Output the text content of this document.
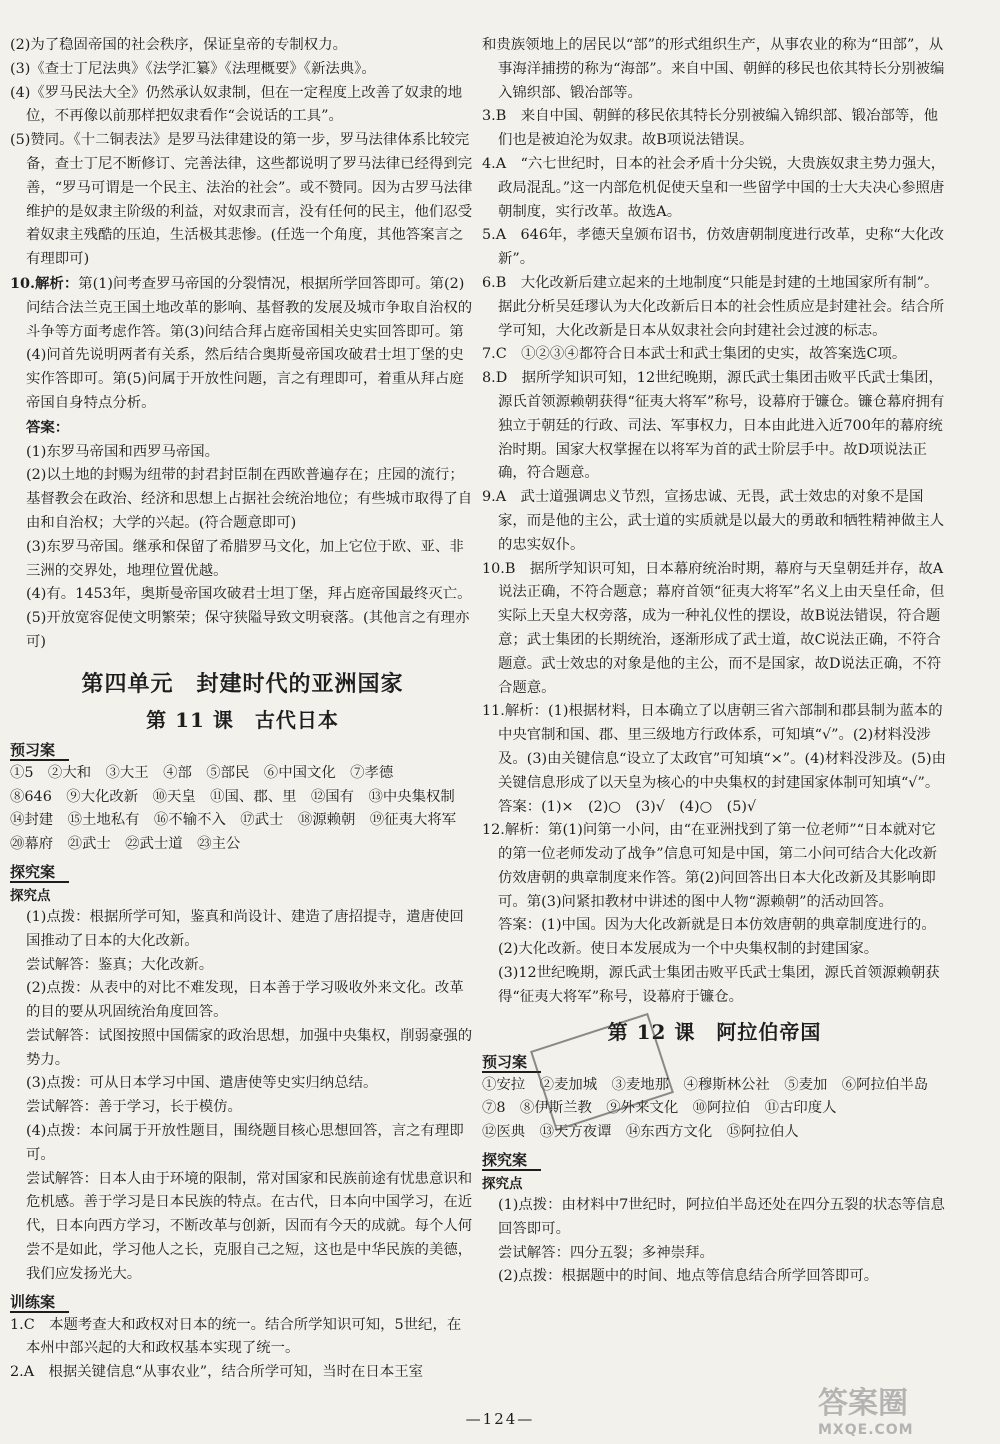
(2)为了稳固帝国的社会秩序，保证皇帝的专制权力。

(3)《查士丁尼法典》《法学汇纂》《法理概要》《新法典》。

(4)《罗马民法大全》仍然承认奴隶制，但在一定程度上改善了奴隶的地位，不再像以前那样把奴隶看作“会说话的工具”。

(5)赞同。《十二铜表法》是罗马法律建设的第一步，罗马法律体系比较完备，查士丁尼不断修订、完善法律，这些都说明了罗马法律已经得到完善，“罗马可谓是一个民主、法治的社会”。或不赞同。因为古罗马法律维护的是奴隶主阶级的利益，对奴隶而言，没有任何的民主，他们忍受着奴隶主残酷的压迫，生活极其悲惨。(任选一个角度，其他答案言之有理即可)

10.解析：第(1)问考查罗马帝国的分裂情况，根据所学回答即可。第(2)问结合法兰克王国土地改革的影响、基督教的发展及城市争取自治权的斗争等方面考虑作答。第(3)问结合拜占庭帝国相关史实回答即可。第(4)问首先说明两者有关系，然后结合奥斯曼帝国攻破君士坦丁堡的史实作答即可。第(5)问属于开放性问题，言之有理即可，着重从拜占庭帝国自身特点分析。

答案：

(1)东罗马帝国和西罗马帝国。

(2)以土地的封赐为纽带的封君封臣制在西欧普遍存在；庄园的流行；基督教会在政治、经济和思想上占据社会统治地位；有些城市取得了自由和自治权；大学的兴起。(符合题意即可)

(3)东罗马帝国。继承和保留了希腊罗马文化，加上它位于欧、亚、非三洲的交界处，地理位置优越。

(4)有。1453年，奥斯曼帝国攻破君士坦丁堡，拜占庭帝国最终灭亡。

(5)开放宽容促使文明繁荣；保守狭隘导致文明衰落。(其他言之有理亦可)

第四单元　封建时代的亚洲国家
第 11 课　古代日本
预习案

①5　②大和　③大王　④部　⑤部民　⑥中国文化　⑦孝德

⑧646　⑨大化改新　⑩天皇　⑪国、郡、里　⑫国有　⑬中央集权制

⑭封建　⑮土地私有　⑯不输不入　⑰武士　⑱源赖朝　⑲征夷大将军　⑳幕府　㉑武士　㉒武士道　㉓主公

探究案
探究点

(1)点拨：根据所学可知，鉴真和尚设计、建造了唐招提寺，遣唐使回国推动了日本的大化改新。

尝试解答：鉴真；大化改新。

(2)点拨：从表中的对比不难发现，日本善于学习吸收外来文化。改革的目的要从巩固统治角度回答。

尝试解答：试图按照中国儒家的政治思想，加强中央集权，削弱豪强的势力。

(3)点拨：可从日本学习中国、遣唐使等史实归纳总结。

尝试解答：善于学习，长于模仿。

(4)点拨：本问属于开放性题目，围绕题目核心思想回答，言之有理即可。

尝试解答：日本人由于环境的限制，常对国家和民族前途有忧患意识和危机感。善于学习是日本民族的特点。在古代，日本向中国学习，在近代，日本向西方学习，不断改革与创新，因而有今天的成就。每个人何尝不是如此，学习他人之长，克服自己之短，这也是中华民族的美德，我们应发扬光大。

训练案

1.C　本题考查大和政权对日本的统一。结合所学知识可知，5世纪，在本州中部兴起的大和政权基本实现了统一。

2.A　根据关键信息“从事农业”，结合所学可知，当时在日本王室

和贵族领地上的居民以“部”的形式组织生产，从事农业的称为“田部”，从事海洋捕捞的称为“海部”。来自中国、朝鲜的移民也依其特长分别被编入锦织部、锻冶部等。

3.B　来自中国、朝鲜的移民依其特长分别被编入锦织部、锻冶部等，他们也是被迫沦为奴隶。故B项说法错误。

4.A　“六七世纪时，日本的社会矛盾十分尖锐，大贵族奴隶主势力强大，政局混乱。”这一内部危机促使天皇和一些留学中国的士大夫决心参照唐朝制度，实行改革。故选A。

5.A　646年，孝德天皇颁布诏书，仿效唐朝制度进行改革，史称“大化改新”。

6.B　大化改新后建立起来的土地制度“只能是封建的土地国家所有制”。据此分析吴廷璆认为大化改新后日本的社会性质应是封建社会。结合所学可知，大化改新是日本从奴隶社会向封建社会过渡的标志。

7.C　①②③④都符合日本武士和武士集团的史实，故答案选C项。

8.D　据所学知识可知，12世纪晚期，源氏武士集团击败平氏武士集团，源氏首领源赖朝获得“征夷大将军”称号，设幕府于镰仓。镰仓幕府拥有独立于朝廷的行政、司法、军事权力，日本由此进入近700年的幕府统治时期。国家大权掌握在以将军为首的武士阶层手中。故D项说法正确，符合题意。

9.A　武士道强调忠义节烈，宣扬忠诚、无畏，武士效忠的对象不是国家，而是他的主公，武士道的实质就是以最大的勇敢和牺牲精神做主人的忠实奴仆。

10.B　据所学知识可知，日本幕府统治时期，幕府与天皇朝廷并存，故A说法正确，不符合题意；幕府首领“征夷大将军”名义上由天皇任命，但实际上天皇大权旁落，成为一种礼仪性的摆设，故B说法错误，符合题意；武士集团的长期统治，逐渐形成了武士道，故C说法正确，不符合题意。武士效忠的对象是他的主公，而不是国家，故D说法正确，不符合题意。

11.解析：(1)根据材料，日本确立了以唐朝三省六部制和郡县制为蓝本的中央官制和国、郡、里三级地方行政体系，可知填“√”。(2)材料没涉及。(3)由关键信息“设立了太政官”可知填“×”。(4)材料没涉及。(5)由关键信息形成了以天皇为核心的中央集权的封建国家体制可知填“√”。

答案：(1)×　(2)○　(3)√　(4)○　(5)√

12.解析：第(1)问第一小问，由“在亚洲找到了第一位老师”“日本就对它的第一位老师发动了战争”信息可知是中国，第二小问可结合大化改新仿效唐朝的典章制度来作答。第(2)问回答出日本大化改新及其影响即可。第(3)问紧扣教材中讲述的图中人物“源赖朝”的活动回答。

答案：(1)中国。因为大化改新就是日本仿效唐朝的典章制度进行的。

(2)大化改新。使日本发展成为一个中央集权制的封建国家。

(3)12世纪晚期，源氏武士集团击败平氏武士集团，源氏首领源赖朝获得“征夷大将军”称号，设幕府于镰仓。

第 12 课　阿拉伯帝国
预习案

①安拉　②麦加城　③麦地那　④穆斯林公社　⑤麦加　⑥阿拉伯半岛　⑦8　⑧伊斯兰教　⑨外来文化　⑩阿拉伯　⑪古印度人

⑫医典　⑬天方夜谭　⑭东西方文化　⑮阿拉伯人

探究案
探究点

(1)点拨：由材料中7世纪时，阿拉伯半岛还处在四分五裂的状态等信息回答即可。

尝试解答：四分五裂；多神崇拜。

(2)点拨：根据题中的时间、地点等信息结合所学回答即可。

—124—	答案圈
MXQE.COM
